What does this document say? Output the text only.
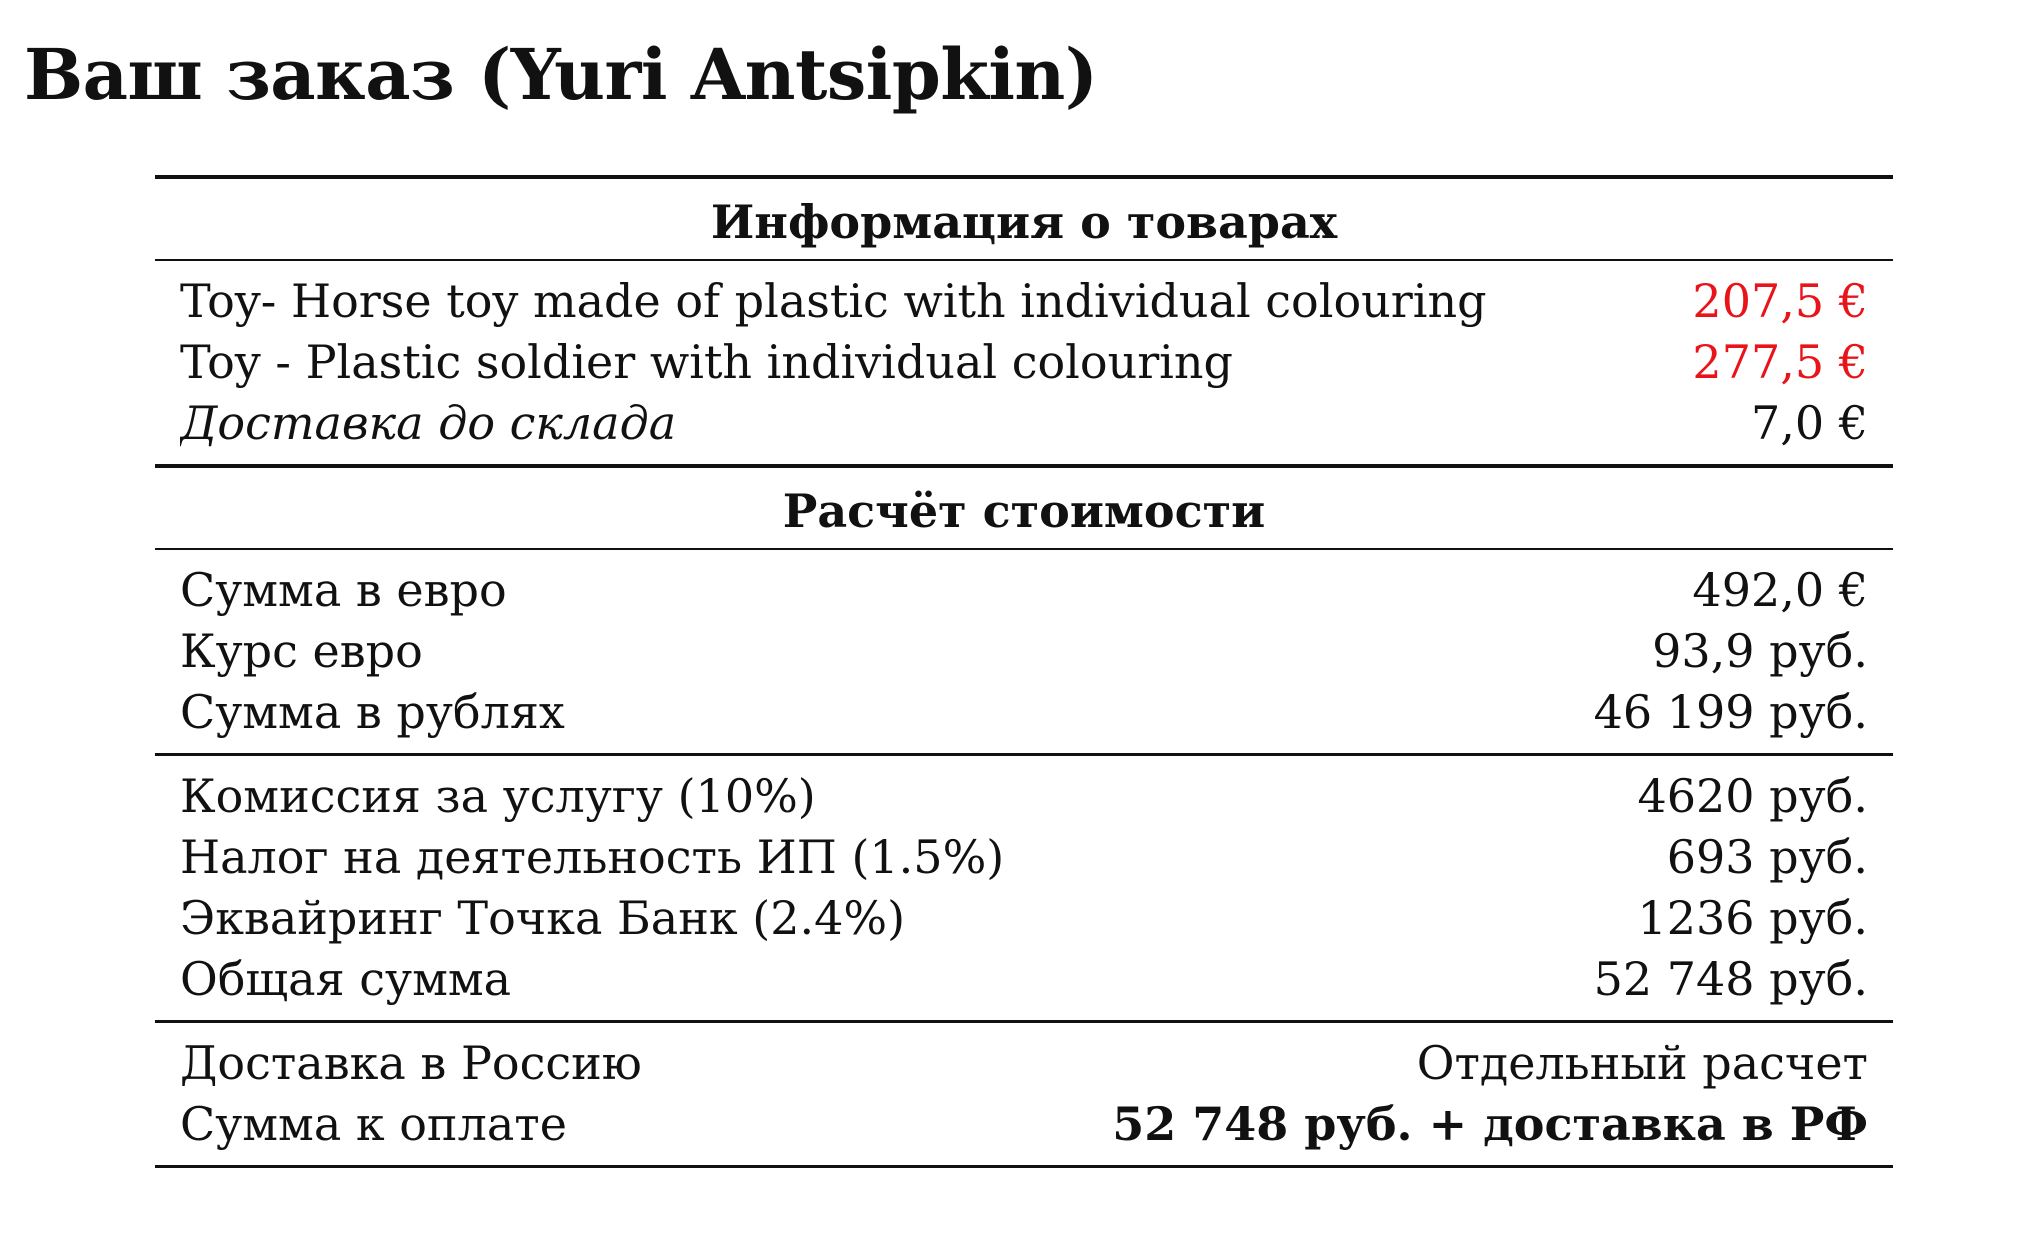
Ваш заказ (Yuri Antsipkin)
Информация о товарах
Toy- Horse toy made of plastic with individual colouring	207,5 €
Toy - Plastic soldier with individual colouring	277,5 €
Доставка до склада	7,0 €
Расчёт стоимости
Сумма в евро	492,0 €
Курс евро	93,9 руб.
Сумма в рублях	46 199 руб.
Комиссия за услугу (10%)	4620 руб.
Налог на деятельность ИП (1.5%)	693 руб.
Эквайринг Точка Банк (2.4%)	1236 руб.
Общая сумма	52 748 руб.
Доставка в Россию	Отдельный расчет
Сумма к оплате	52 748 руб. + доставка в РФ
